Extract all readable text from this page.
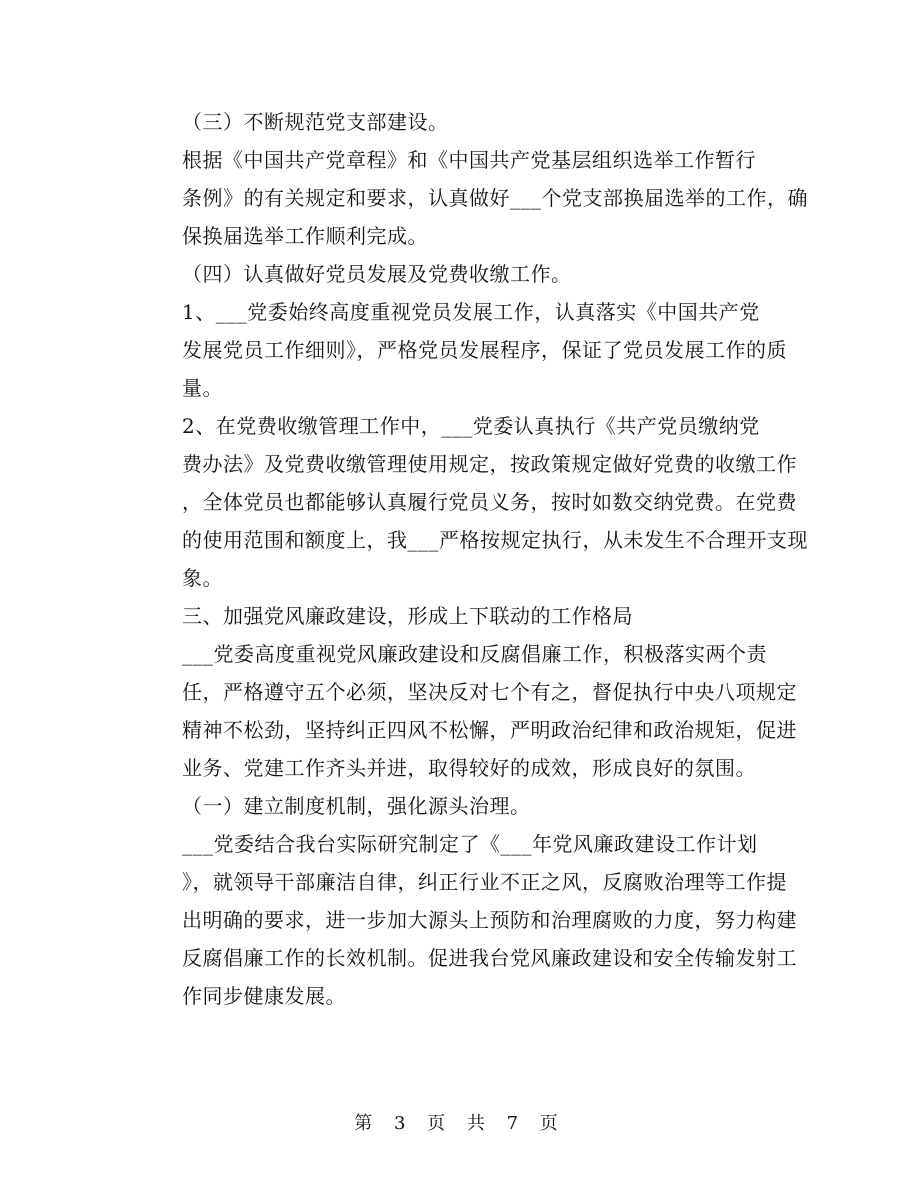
（三）不断规范党支部建设。

根据《中国共产党章程》和《中国共产党基层组织选举工作暂行
条例》的有关规定和要求，认真做好___个党支部换届选举的工作，确
保换届选举工作顺利完成。

（四）认真做好党员发展及党费收缴工作。

1、___党委始终高度重视党员发展工作，认真落实《中国共产党
发展党员工作细则》，严格党员发展程序，保证了党员发展工作的质
量。

2、在党费收缴管理工作中，___党委认真执行《共产党员缴纳党
费办法》及党费收缴管理使用规定，按政策规定做好党费的收缴工作
，全体党员也都能够认真履行党员义务，按时如数交纳党费。在党费
的使用范围和额度上，我___严格按规定执行，从未发生不合理开支现
象。

三、加强党风廉政建设，形成上下联动的工作格局

___党委高度重视党风廉政建设和反腐倡廉工作，积极落实两个责
任，严格遵守五个必须，坚决反对七个有之，督促执行中央八项规定
精神不松劲，坚持纠正四风不松懈，严明政治纪律和政治规矩，促进
业务、党建工作齐头并进，取得较好的成效，形成良好的氛围。

（一）建立制度机制，强化源头治理。

___党委结合我台实际研究制定了《___年党风廉政建设工作计划
》，就领导干部廉洁自律，纠正行业不正之风，反腐败治理等工作提
出明确的要求，进一步加大源头上预防和治理腐败的力度，努力构建
反腐倡廉工作的长效机制。促进我台党风廉政建设和安全传输发射工
作同步健康发展。

第 3 页 共 7 页
